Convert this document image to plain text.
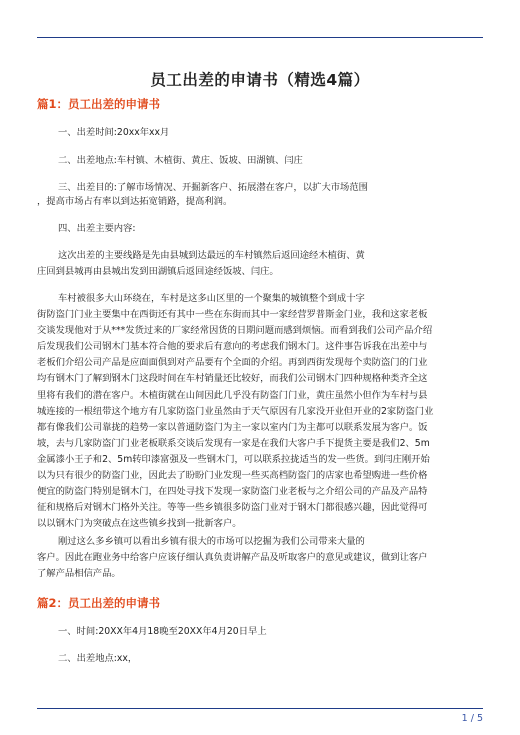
员工出差的申请书（精选4篇）
篇1：员工出差的申请书
一、出差时间:20xx年xx月
二、出差地点:车村镇、木植街、黄庄、饭坡、田湖镇、闫庄
三、出差目的:了解市场情况、开掘新客户、拓展潜在客户，以扩大市场范围
，提高市场占有率以到达拓宽销路，提高利润。
四、出差主要内容:
这次出差的主要线路是先由县城到达最远的车村镇然后返回途经木植街、黄
庄回到县城再由县城出发到田湖镇后返回途经饭坡、闫庄。
车村被很多大山环绕在，车村是这多山区里的一个聚集的城镇整个到成十字
街防盗门门业主要集中在西街还有其中一些在东街而其中一家经营罗普斯金门业，我和这家老板
交谈发现他对于从***发货过来的厂家经常因货的日期问题而感到烦恼。而看到我们公司产品介绍
后发现我们公司钢木门基本符合他的要求后有意向的考虑我们钢木门。这件事告诉我在出差中与
老板们介绍公司产品是应面面俱到对产品要有个全面的介绍。再到西街发现每个卖防盗门的门业
均有钢木门了解到钢木门这段时间在车村销量还比较好，而我们公司钢木门四种规格种类齐全这
里将有我们的潜在客户。木植街就在山间因此几乎没有防盗门门业，黄庄虽然小但作为车村与县
城连接的一根纽带这个地方有几家防盗门业虽然由于天气原因有几家没开业但开业的2家防盗门业
都有像我们公司靠拢的趋势一家以普通防盗门为主一家以室内门为主都可以联系发展为客户。饭
坡，去与几家防盗门门业老板联系交谈后发现有一家是在我们大客户手下提货主要是我们2、5m
金属漆小王子和2、5m转印漆富强及一些钢木门，可以联系拉拢适当的发一些货。到闫庄刚开始
以为只有很少的防盗门业，因此去了盼盼门业发现一些买高档防盗门的店家也希望购进一些价格
便宜的防盗门特别是钢木门，在四处寻找下发现一家防盗门业老板与之介绍公司的产品及产品特
征和规格后对钢木门格外关注。等等一些乡镇很多防盗门业对于钢木门都很感兴趣，因此觉得可
以以钢木门为突破点在这些镇乡找到一批新客户。
刚过这么多乡镇可以看出乡镇有很大的市场可以挖掘为我们公司带来大量的
客户。因此在跑业务中给客户应该仔细认真负责讲解产品及听取客户的意见或建议，做到让客户
了解产品相信产品。
篇2：员工出差的申请书
一、时间:20XX年4月18晚至20XX年4月20日早上
二、出差地点:xx，
1 / 5
